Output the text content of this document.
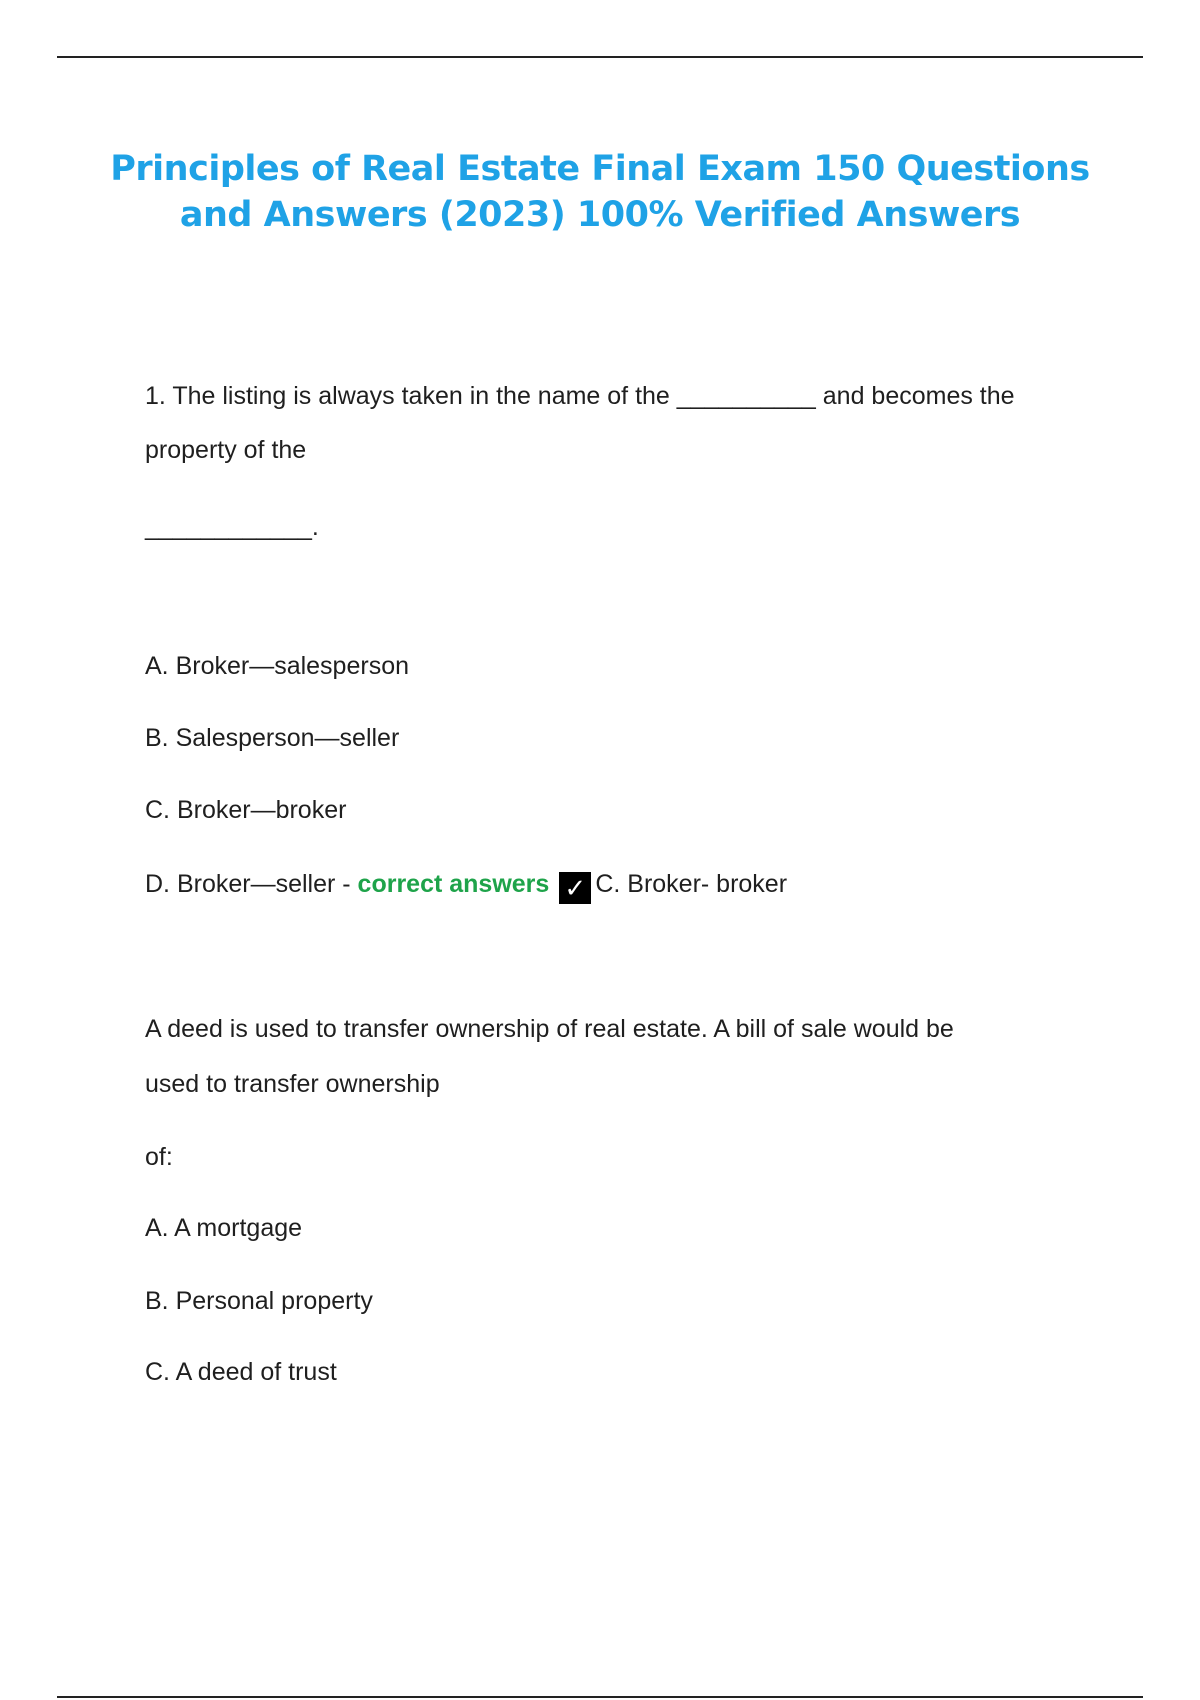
Principles of Real Estate Final Exam 150 Questions
and Answers (2023) 100% Verified Answers
1. The listing is always taken in the name of the __________ and becomes the
property of the
____________.
A. Broker—salesperson
B. Salesperson—seller
C. Broker—broker
D. Broker—seller - correct answers ✓ C. Broker- broker
A deed is used to transfer ownership of real estate. A bill of sale would be
used to transfer ownership
of:
A. A mortgage
B. Personal property
C. A deed of trust
